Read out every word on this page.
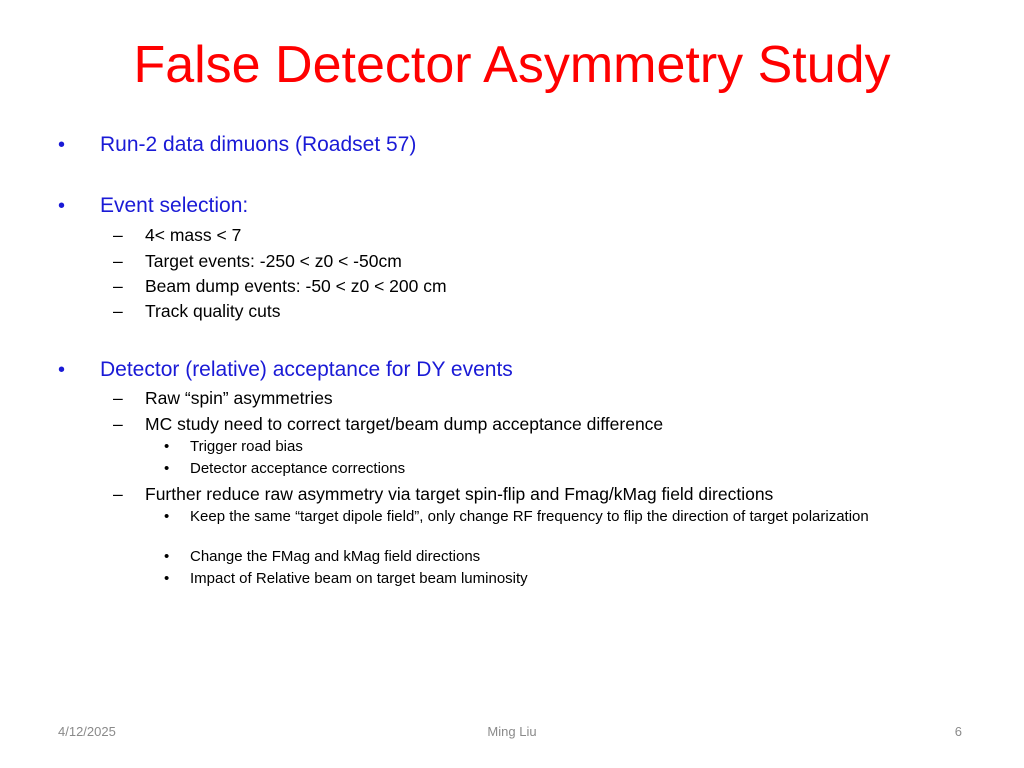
False Detector Asymmetry Study
• Run-2 data dimuons (Roadset 57)
• Event selection:
– 4< mass < 7
– Target events: -250 < z0 < -50cm
– Beam dump events: -50 < z0 < 200 cm
– Track quality cuts
• Detector (relative) acceptance for DY events
– Raw “spin” asymmetries
– MC study need to correct target/beam dump acceptance difference
• Trigger road bias
• Detector acceptance corrections
– Further reduce raw asymmetry via target spin-flip and Fmag/kMag field directions
• Keep the same “target dipole field”, only change RF frequency to flip the direction of target polarization
• Change the FMag and kMag field directions
• Impact of Relative beam on target beam luminosity
4/12/2025	Ming Liu	6
